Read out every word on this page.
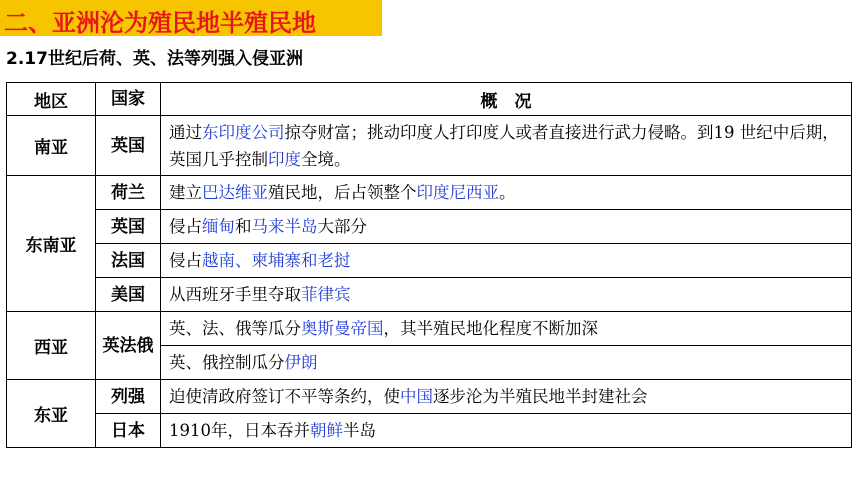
二、亚洲沦为殖民地半殖民地
2.17世纪后荷、英、法等列强入侵亚洲
地区	国家	概　况
南亚	英国	通过东印度公司掠夺财富；挑动印度人打印度人或者直接进行武力侵略。到19 世纪中后期，英国几乎控制印度全境。
东南亚	荷兰	建立巴达维亚殖民地，后占领整个印度尼西亚。
	英国	侵占缅甸和马来半岛大部分
	法国	侵占越南、柬埔寨和老挝
	美国	从西班牙手里夺取菲律宾
西亚	英法俄	英、法、俄等瓜分奥斯曼帝国，其半殖民地化程度不断加深
		英、俄控制瓜分伊朗
东亚	列强	迫使清政府签订不平等条约，使中国逐步沦为半殖民地半封建社会
	日本	1910年，日本吞并朝鲜半岛
